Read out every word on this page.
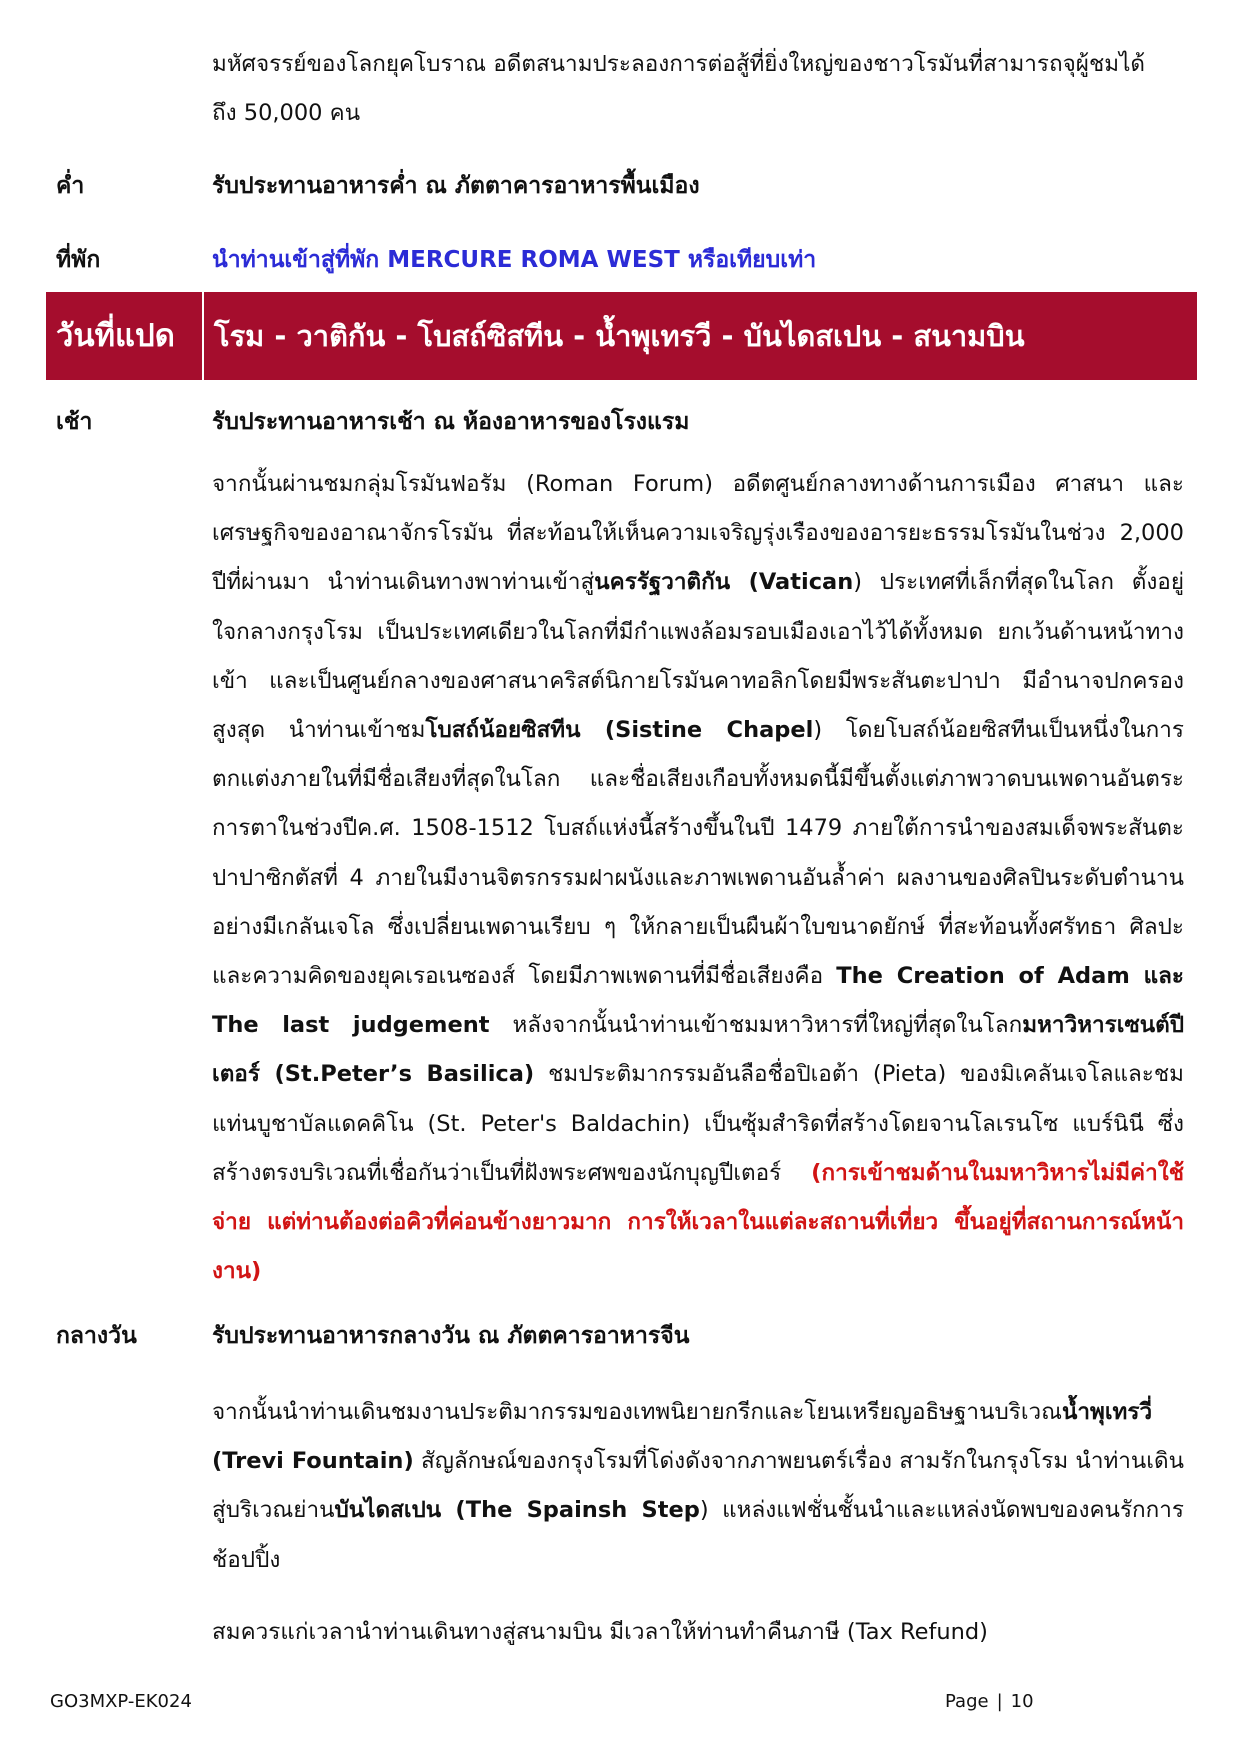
มหัศจรรย์ของโลกยุคโบราณ อดีตสนามประลองการต่อสู้ที่ยิ่งใหญ่ของชาวโรมันที่สามารถจุผู้ชมได้
ถึง 50,000 คน
ค่ำ	รับประทานอาหารค่ำ ณ ภัตตาคารอาหารพื้นเมือง
ที่พัก	นำท่านเข้าสู่ที่พัก MERCURE ROMA WEST หรือเทียบเท่า
วันที่แปด โรม - วาติกัน - โบสถ์ซิสทีน - น้ำพุเทรวี - บันไดสเปน - สนามบิน
เช้า	รับประทานอาหารเช้า ณ ห้องอาหารของโรงแรม
จากนั้นผ่านชมกลุ่มโรมันฟอรัม (Roman Forum) อดีตศูนย์กลางทางด้านการเมือง ศาสนา และเศรษฐกิจของอาณาจักรโรมัน ที่สะท้อนให้เห็นความเจริญรุ่งเรืองของอารยะธรรมโรมันในช่วง 2,000 ปีที่ผ่านมา นำท่านเดินทางพาท่านเข้าสู่นครรัฐวาติกัน (Vatican) ประเทศที่เล็กที่สุดในโลก ตั้งอยู่ใจกลางกรุงโรม เป็นประเทศเดียวในโลกที่มีกำแพงล้อมรอบเมืองเอาไว้ได้ทั้งหมด ยกเว้นด้านหน้าทางเข้า และเป็นศูนย์กลางของศาสนาคริสต์นิกายโรมันคาทอลิกโดยมีพระสันตะปาปา มีอำนาจปกครองสูงสุด นำท่านเข้าชมโบสถ์น้อยซิสทีน (Sistine Chapel) โดยโบสถ์น้อยซิสทีนเป็นหนึ่งในการตกแต่งภายในที่มีชื่อเสียงที่สุดในโลก และชื่อเสียงเกือบทั้งหมดนี้มีขึ้นตั้งแต่ภาพวาดบนเพดานอันตระการตาในช่วงปีค.ศ. 1508-1512 โบสถ์แห่งนี้สร้างขึ้นในปี 1479 ภายใต้การนำของสมเด็จพระสันตะปาปาซิกตัสที่ 4 ภายในมีงานจิตรกรรมฝาผนังและภาพเพดานอันล้ำค่า ผลงานของศิลปินระดับตำนานอย่างมีเกลันเจโล ซึ่งเปลี่ยนเพดานเรียบ ๆ ให้กลายเป็นผืนผ้าใบขนาดยักษ์ ที่สะท้อนทั้งศรัทธา ศิลปะ และความคิดของยุคเรอเนซองส์ โดยมีภาพเพดานที่มีชื่อเสียงคือ The Creation of Adam และ The last judgement หลังจากนั้นนำท่านเข้าชมมหาวิหารที่ใหญ่ที่สุดในโลกมหาวิหารเซนต์ปีเตอร์ (St.Peter’s Basilica) ชมประติมากรรมอันลือชื่อปิเอต้า (Pieta) ของมิเคลันเจโลและชมแท่นบูชาบัลแดคคิโน (St. Peter's Baldachin) เป็นซุ้มสำริดที่สร้างโดยจานโลเรนโซ แบร์นินี ซึ่งสร้างตรงบริเวณที่เชื่อกันว่าเป็นที่ฝังพระศพของนักบุญปีเตอร์ (การเข้าชมด้านในมหาวิหารไม่มีค่าใช้จ่าย แต่ท่านต้องต่อคิวที่ค่อนข้างยาวมาก การให้เวลาในแต่ละสถานที่เที่ยว ขึ้นอยู่ที่สถานการณ์หน้างาน)
กลางวัน	รับประทานอาหารกลางวัน ณ ภัตตคารอาหารจีน
จากนั้นนำท่านเดินชมงานประติมากรรมของเทพนิยายกรีกและโยนเหรียญอธิษฐานบริเวณน้ำพุเทรวี่ (Trevi Fountain) สัญลักษณ์ของกรุงโรมที่โด่งดังจากภาพยนตร์เรื่อง สามรักในกรุงโรม นำท่านเดินสู่บริเวณย่านบันไดสเปน (The Spainsh Step) แหล่งแฟชั่นชั้นนำและแหล่งนัดพบของคนรักการช้อปปิ้ง
สมควรแก่เวลานำท่านเดินทางสู่สนามบิน มีเวลาให้ท่านทำคืนภาษี (Tax Refund)
GO3MXP-EK024	Page | 10
